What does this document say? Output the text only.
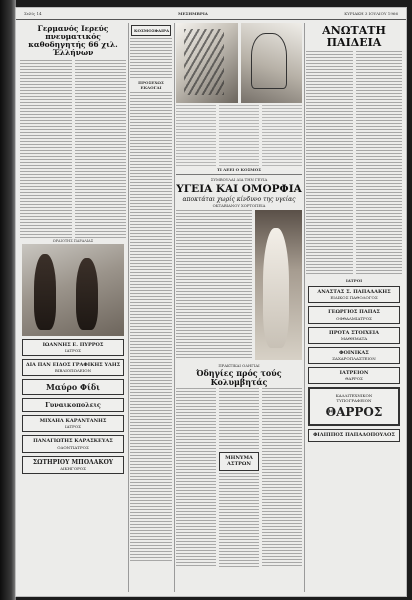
Σελίς 14	ΜΕΣΗΜΒΡΙΑ	ΚΥΡΙΑΚΗ 3 ΙΟΥΛΙΟΥ 1966
Γερμανός Ιερεύς πνευματικός καθοδηγητής 66 χιλ. Έλλήνων
ΩΡΑΙΟΤΗΣ ΠΑΡΑΛΙΑΣ
ΙΩΑΝΝΗΣ Ε. ΠΥΡΡΟΣ
ΙΑΤΡΟΣ
ΔΙΑ ΠΑΝ ΕΙΔΟΣ ΓΡΑΦΙΚΗΣ ΥΛΗΣ
ΒΙΒΛΙΟΠΩΛΕΙΟΝ
Μαύρο Φίδι
Γυναικοπολεις
ΜΙΧΑΗΛ ΚΑΡΑΝΤΑΝΗΣ
ΙΑΤΡΟΣ
ΠΑΝΑΓΙΩΤΗΣ ΚΑΡΑΣΚΕΥΑΣ
ΟΔΟΝΤΙΑΤΡΟΣ
ΣΩΤΗΡΙΟΥ ΜΠΟΛΑΚΟΥ
ΔΙΚΗΓΟΡΟΣ
ΚΟΣΜΟΣΦΑΙΡΑ
ΠΡΟΣΕΧΩΣ ΕΚΛΟΓΑΙ
ΤΙ ΛΕΕΙ Ο ΚΟΣΜΟΣ
ΣΥΜΒΟΥΛΑΙ ΔΙΑ ΤΗΝ ΓΕΥΙΑ
ΥΓΕΙΑ ΚΑΙ ΟΜΟΡΦΙΑ
αποκτάται χωρίς κίνδυνο της υγείας
ΟΚΤΑΒΙΑΝΟΥ ΧΟΡΤΟΠΕΙΑ
ΠΡΑΚΤΙΚΑΙ ΟΔΗΓΙΑΙ
Όδηγίες πρός τούς Κολυμβητάς
ΜΗΝΥΜΑ ΑΣΤΡΩΝ
ΑΝΩΤΑΤΗ ΠΑΙΔΕΙΑ
ΙΑΤΡΟΙ
ΑΝΑΣΤΑΣ Σ. ΠΑΠΑΔΑΚΗΣ
ΕΙΔΙΚΟΣ ΠΑΘΟΛΟΓΟΣ
ΓΕΩΡΓΙΟΣ ΠΑΠΑΣ
ΟΦΘΑΛΜΙΑΤΡΟΣ
ΠΡΟΤΑ ΣΤΟΙΧΕΙΑ
ΜΑΘΗΜΑΤΑ
ΦΟΙΝΙΚΑΣ
ΖΑΧΑΡΟΠΛΑΣΤΕΙΟΝ
ΙΑΤΡΕΙΟΝ
ΘΑΡΡΟΣ
ΚΑΛΛΙΤΕΧΝΙΚΟΝ
ΤΥΠΟΓΡΑΦΕΙΟΝ
ΘΑΡΡΟΣ
ΦΙΛΙΠΠΟΣ ΠΑΠΑΔΟΠΟΥΛΟΣ
